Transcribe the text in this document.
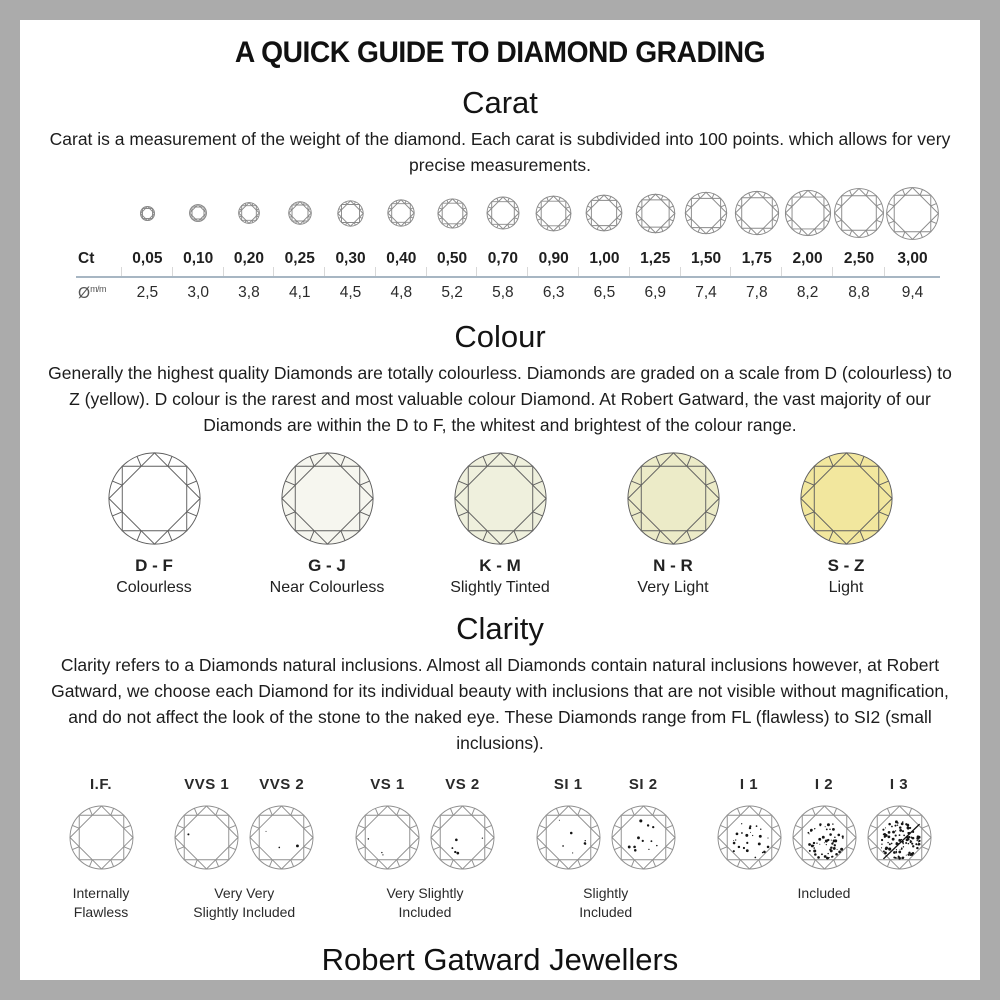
A QUICK GUIDE TO DIAMOND GRADING
Carat

Carat is a measurement of the weight of the diamond. Each carat is subdivided into 100 points. which allows for very precise measurements.

Ct	0,05	0,10	0,20	0,25	0,30	0,40	0,50	0,70	0,90	1,00	1,25	1,50	1,75	2,00	2,50	3,00
$Ø^{m/m}$	2,5	3,0	3,8	4,1	4,5	4,8	5,2	5,8	6,3	6,5	6,9	7,4	7,8	8,2	8,8	9,4
Colour

Generally the highest quality Diamonds are totally colourless. Diamonds are graded on a scale from D (colourless) to Z (yellow). D colour is the rarest and most valuable colour Diamond. At Robert Gatward, the vast majority of our Diamonds are within the D to F, the whitest and brightest of the colour range.

D - F
Colourless
G - J
Near Colourless
K - M
Slightly Tinted
N - R
Very Light
S - Z
Light
Clarity

Clarity refers to a Diamonds natural inclusions. Almost all Diamonds contain natural inclusions however, at Robert Gatward, we choose each Diamond for its individual beauty with inclusions that are not visible without magnification, and do not affect the look of the stone to the naked eye. These Diamonds range from FL (flawless) to SI2 (small inclusions).

I.F.
Internally
Flawless
VVS 1 VVS 2
Very Very
Slightly Included
VS 1	VS 2
Very Slightly
Included
SI 1	SI 2
Slightly
Included
I 1	I 2	I 3
Included
Robert Gatward Jewellers
